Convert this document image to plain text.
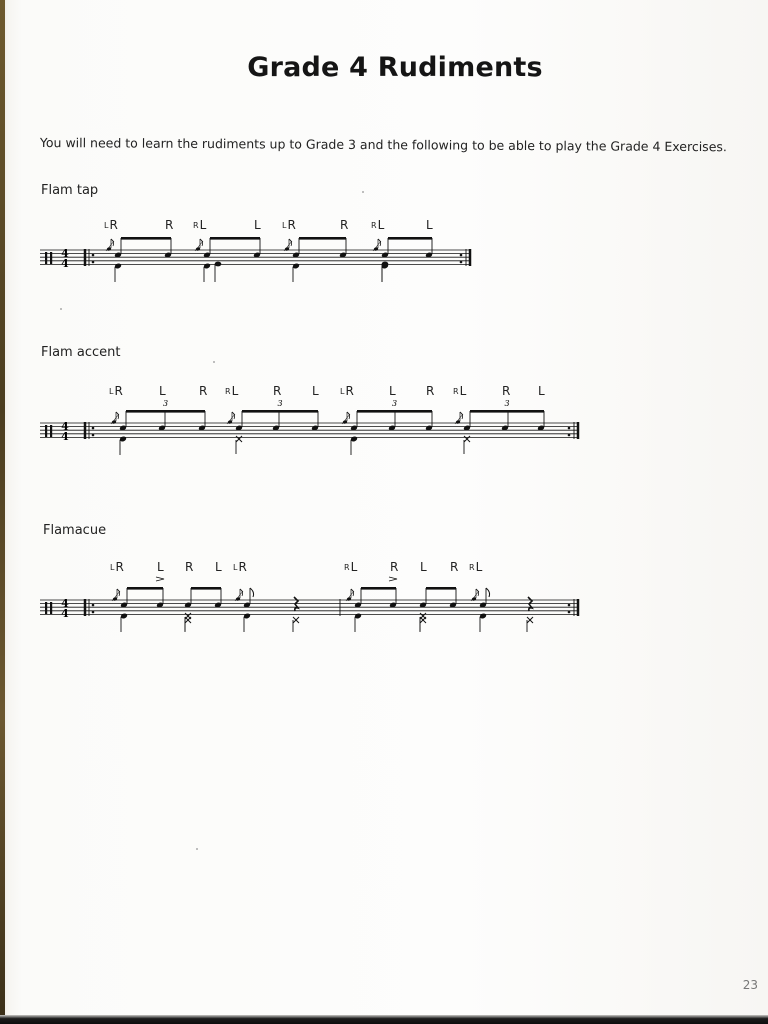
Grade 4 Rudiments
You will need to learn the rudiments up to Grade 3 and the following to be able to play the Grade 4 Exercises.
Flam tap
Flam accent
Flamacue
LR	R RL	L	LR	R	RL	L
LR	L	R RL	R	L	LR	L	R RL	R L
LR	L R L LR	RL	R L R RL
4
4
4
4
3	3	3	3
4
4
23
